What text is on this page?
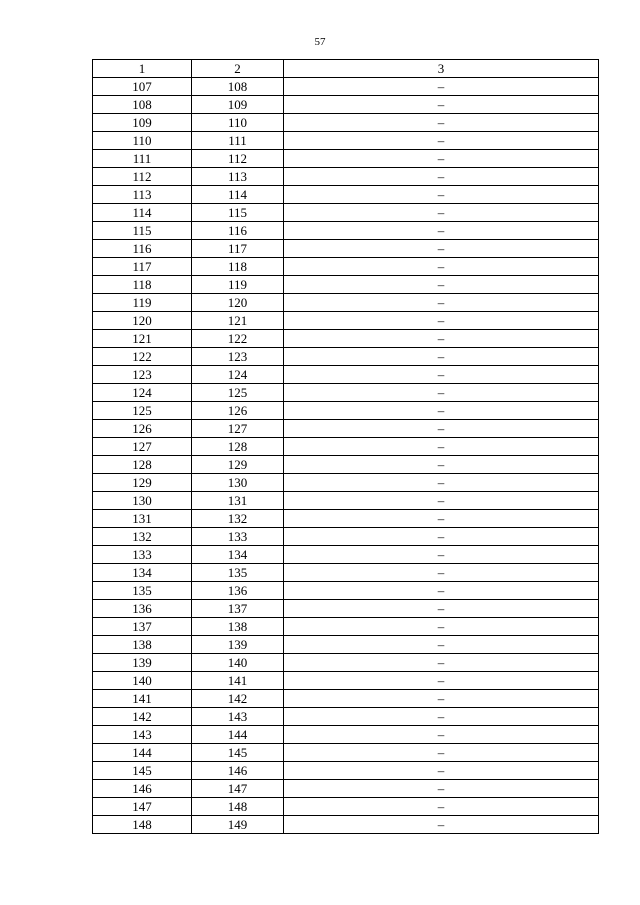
57
1	2	3
107	108	–
108	109	–
109	110	–
110	111	–
111	112	–
112	113	–
113	114	–
114	115	–
115	116	–
116	117	–
117	118	–
118	119	–
119	120	–
120	121	–
121	122	–
122	123	–
123	124	–
124	125	–
125	126	–
126	127	–
127	128	–
128	129	–
129	130	–
130	131	–
131	132	–
132	133	–
133	134	–
134	135	–
135	136	–
136	137	–
137	138	–
138	139	–
139	140	–
140	141	–
141	142	–
142	143	–
143	144	–
144	145	–
145	146	–
146	147	–
147	148	–
148	149	–
